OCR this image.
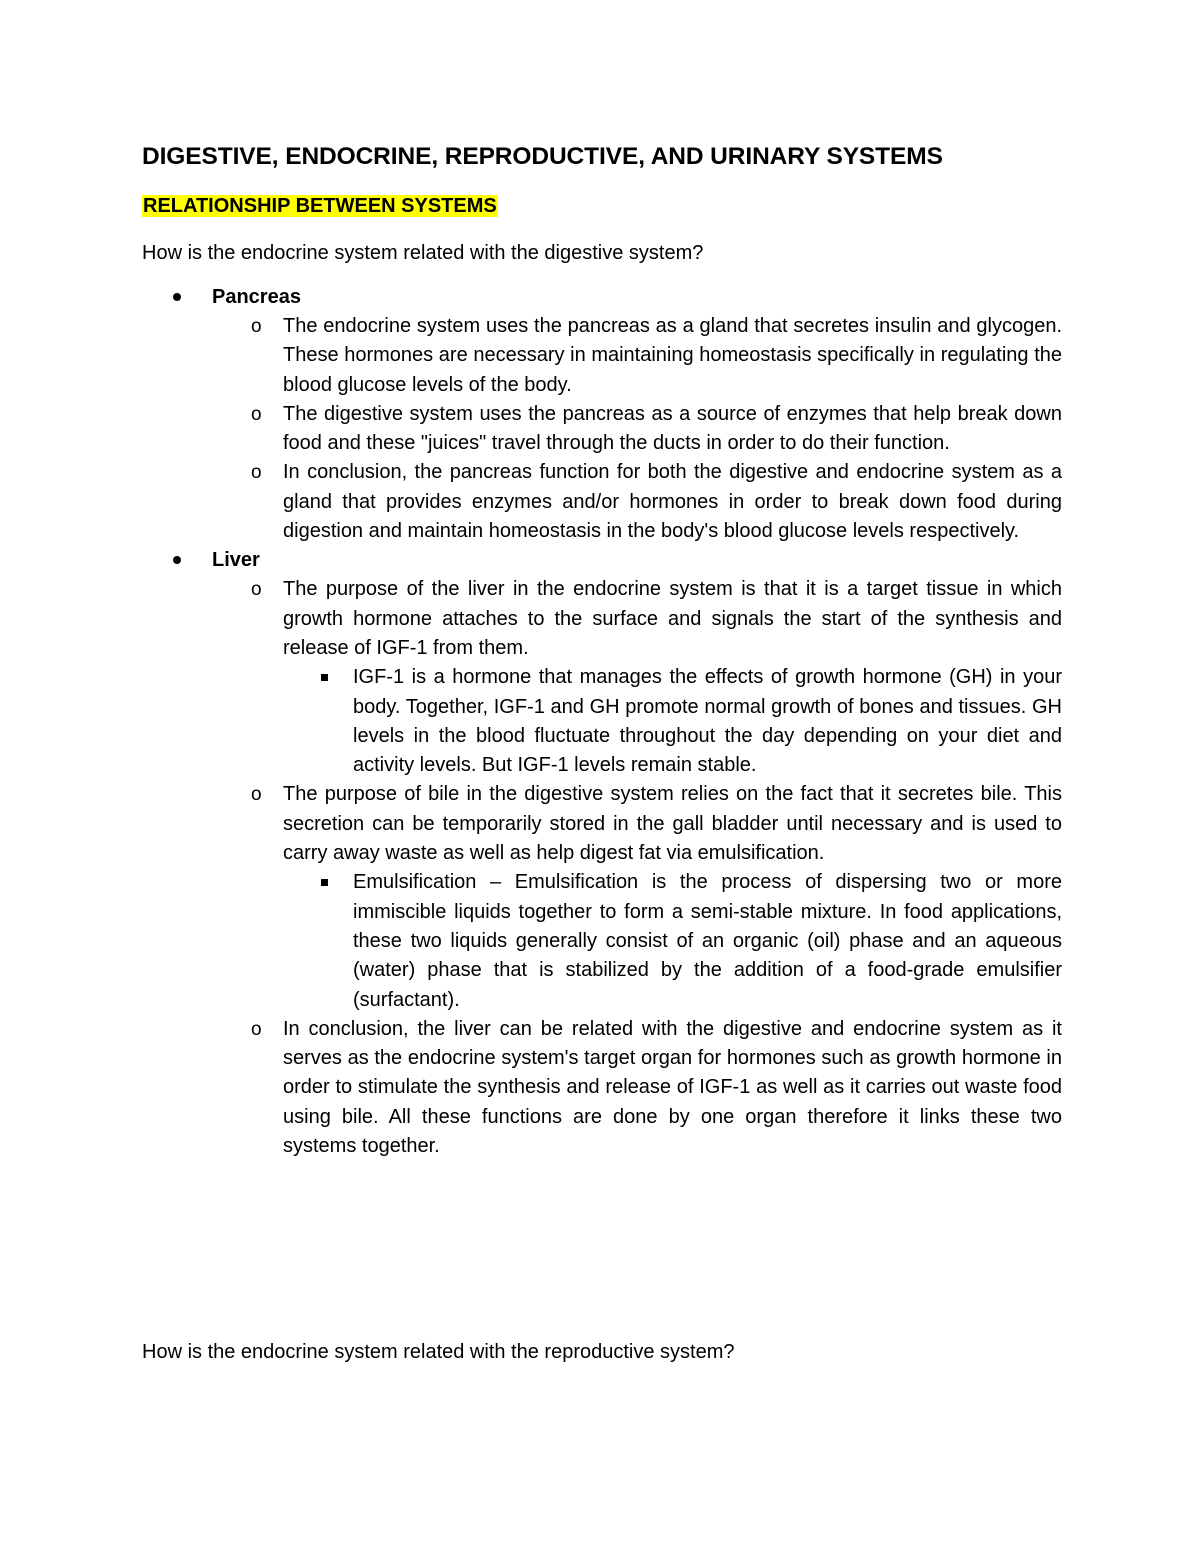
DIGESTIVE, ENDOCRINE, REPRODUCTIVE, AND URINARY SYSTEMS
RELATIONSHIP BETWEEN SYSTEMS

How is the endocrine system related with the digestive system?

Pancreas
o The endocrine system uses the pancreas as a gland that secretes insulin and glycogen. These hormones are necessary in maintaining homeostasis specifically in regulating the blood glucose levels of the body.
o The digestive system uses the pancreas as a source of enzymes that help break down food and these "juices" travel through the ducts in order to do their function.
o In conclusion, the pancreas function for both the digestive and endocrine system as a gland that provides enzymes and/or hormones in order to break down food during digestion and maintain homeostasis in the body's blood glucose levels respectively.
Liver
o The purpose of the liver in the endocrine system is that it is a target tissue in which growth hormone attaches to the surface and signals the start of the synthesis and release of IGF-1 from them.
IGF-1 is a hormone that manages the effects of growth hormone (GH) in your body. Together, IGF-1 and GH promote normal growth of bones and tissues. GH levels in the blood fluctuate throughout the day depending on your diet and activity levels. But IGF-1 levels remain stable.
o The purpose of bile in the digestive system relies on the fact that it secretes bile. This secretion can be temporarily stored in the gall bladder until necessary and is used to carry away waste as well as help digest fat via emulsification.
Emulsification – Emulsification is the process of dispersing two or more immiscible liquids together to form a semi-stable mixture. In food applications, these two liquids generally consist of an organic (oil) phase and an aqueous (water) phase that is stabilized by the addition of a food-grade emulsifier (surfactant).
o In conclusion, the liver can be related with the digestive and endocrine system as it serves as the endocrine system's target organ for hormones such as growth hormone in order to stimulate the synthesis and release of IGF-1 as well as it carries out waste food using bile. All these functions are done by one organ therefore it links these two systems together.

How is the endocrine system related with the reproductive system?
